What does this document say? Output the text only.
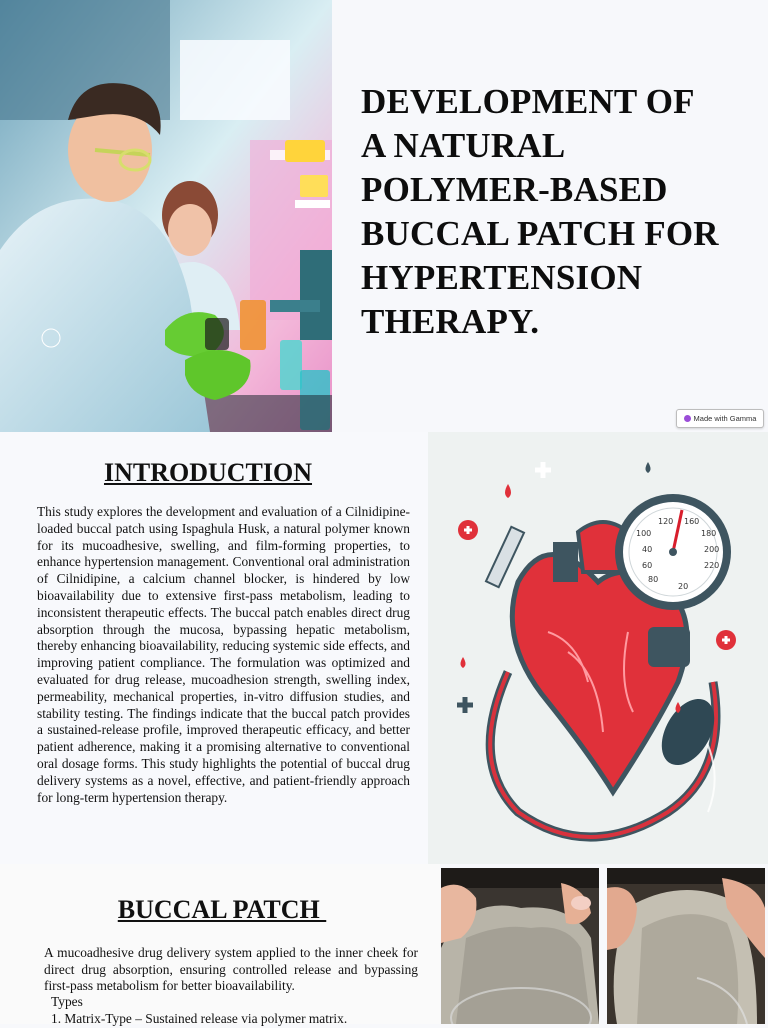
DEVELOPMENT OF
A NATURAL
POLYMER-BASED
BUCCAL PATCH FOR
HYPERTENSION
THERAPY.
Made with Gamma
INTRODUCTION

This study explores the development and evaluation of a Cilnidipine-loaded buccal patch using Ispaghula Husk, a natural polymer known for its mucoadhesive, swelling, and film-forming properties, to enhance hypertension management. Conventional oral administration of Cilnidipine, a calcium channel blocker, is hindered by low bioavailability due to extensive first-pass metabolism, leading to inconsistent therapeutic effects. The buccal patch enables direct drug absorption through the mucosa, bypassing hepatic metabolism, thereby enhancing bioavailability, reducing systemic side effects, and improving patient compliance. The formulation was optimized and evaluated for drug release, mucoadhesion strength, swelling index, permeability, mechanical properties, in-vitro diffusion studies, and stability testing. The findings indicate that the buccal patch provides a sustained-release profile, improved therapeutic efficacy, and better patient adherence, making it a promising alternative to conventional oral dosage forms. This study highlights the potential of buccal drug delivery systems as a novel, effective, and patient-friendly approach for long-term hypertension therapy.

120 160
180
100
200
220
40
60
80
20
BUCCAL PATCH

A mucoadhesive drug delivery system applied to the inner cheek for direct drug absorption, ensuring controlled release and bypassing first-pass metabolism for better bioavailability.

Types

1. Matrix-Type – Sustained release via polymer matrix.
